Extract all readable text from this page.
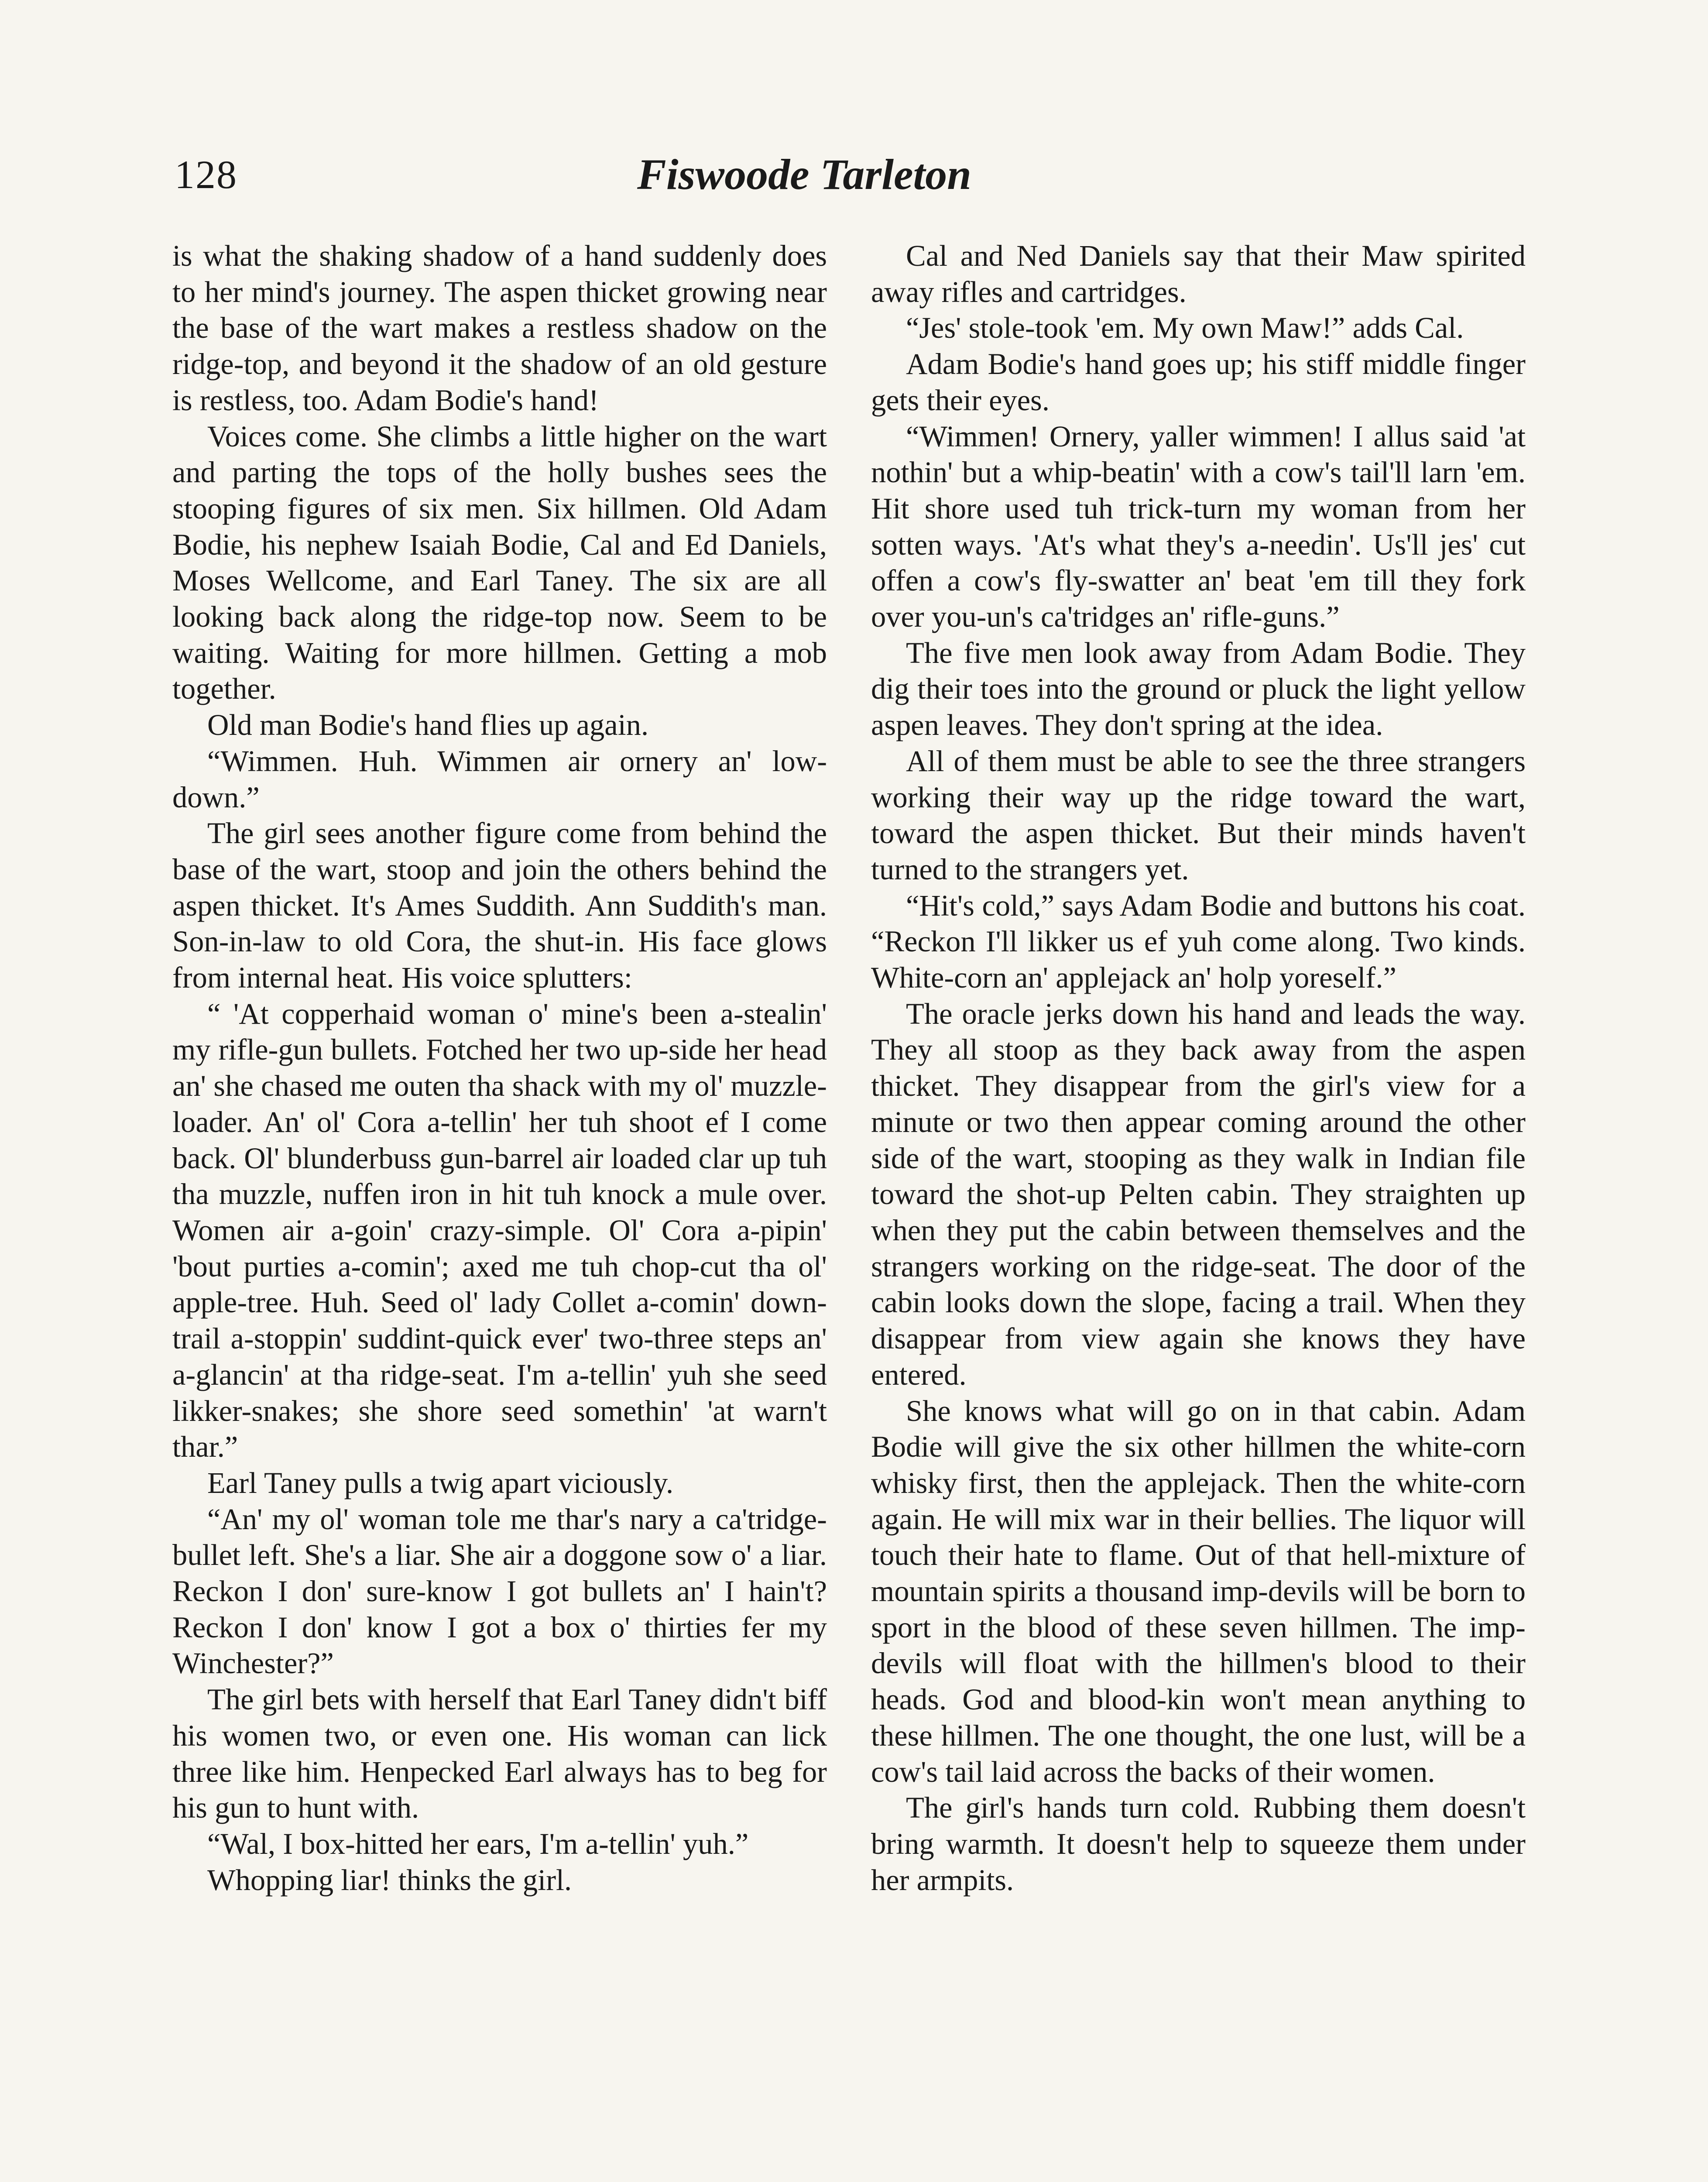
128	Fiswoode Tarleton

is what the shaking shadow of a hand suddenly does to her mind's journey. The aspen thicket growing near the base of the wart makes a restless shadow on the ridge-top, and beyond it the shadow of an old gesture is restless, too. Adam Bodie's hand!

Voices come. She climbs a little higher on the wart and parting the tops of the holly bushes sees the stooping figures of six men. Six hillmen. Old Adam Bodie, his nephew Isaiah Bodie, Cal and Ed Daniels, Moses Wellcome, and Earl Taney. The six are all looking back along the ridge-top now. Seem to be waiting. Waiting for more hillmen. Getting a mob together.

Old man Bodie's hand flies up again.

“Wimmen. Huh. Wimmen air ornery an' low-down.”

The girl sees another figure come from behind the base of the wart, stoop and join the others behind the aspen thicket. It's Ames Suddith. Ann Suddith's man. Son-in-law to old Cora, the shut-in. His face glows from internal heat. His voice splutters:

“ 'At copperhaid woman o' mine's been a-stealin' my rifle-gun bullets. Fotched her two up-side her head an' she chased me outen tha shack with my ol' muzzle-loader. An' ol' Cora a-tellin' her tuh shoot ef I come back. Ol' blunderbuss gun-barrel air loaded clar up tuh tha muzzle, nuffen iron in hit tuh knock a mule over. Women air a-goin' crazy-simple. Ol' Cora a-pipin' 'bout purties a-comin'; axed me tuh chop-cut tha ol' apple-tree. Huh. Seed ol' lady Collet a-comin' down-trail a-stoppin' suddint-quick ever' two-three steps an' a-glancin' at tha ridge-seat. I'm a-tellin' yuh she seed likker-snakes; she shore seed somethin' 'at warn't thar.”

Earl Taney pulls a twig apart viciously.

“An' my ol' woman tole me thar's nary a ca'tridge-bullet left. She's a liar. She air a doggone sow o' a liar. Reckon I don' sure-know I got bullets an' I hain't? Reckon I don' know I got a box o' thirties fer my Winchester?”

The girl bets with herself that Earl Taney didn't biff his women two, or even one. His woman can lick three like him. Henpecked Earl always has to beg for his gun to hunt with.

“Wal, I box-hitted her ears, I'm a-tellin' yuh.”

Whopping liar! thinks the girl.

Cal and Ned Daniels say that their Maw spirited away rifles and cartridges.

“Jes' stole-took 'em. My own Maw!” adds Cal.

Adam Bodie's hand goes up; his stiff middle finger gets their eyes.

“Wimmen! Ornery, yaller wimmen! I allus said 'at nothin' but a whip-beatin' with a cow's tail'll larn 'em. Hit shore used tuh trick-turn my woman from her sotten ways. 'At's what they's a-needin'. Us'll jes' cut offen a cow's fly-swatter an' beat 'em till they fork over you-un's ca'tridges an' rifle-guns.”

The five men look away from Adam Bodie. They dig their toes into the ground or pluck the light yellow aspen leaves. They don't spring at the idea.

All of them must be able to see the three strangers working their way up the ridge toward the wart, toward the aspen thicket. But their minds haven't turned to the strangers yet.

“Hit's cold,” says Adam Bodie and buttons his coat. “Reckon I'll likker us ef yuh come along. Two kinds. White-corn an' applejack an' holp yoreself.”

The oracle jerks down his hand and leads the way. They all stoop as they back away from the aspen thicket. They disappear from the girl's view for a minute or two then appear coming around the other side of the wart, stooping as they walk in Indian file toward the shot-up Pelten cabin. They straighten up when they put the cabin between themselves and the strangers working on the ridge-seat. The door of the cabin looks down the slope, facing a trail. When they disappear from view again she knows they have entered.

She knows what will go on in that cabin. Adam Bodie will give the six other hillmen the white-corn whisky first, then the applejack. Then the white-corn again. He will mix war in their bellies. The liquor will touch their hate to flame. Out of that hell-mixture of mountain spirits a thousand imp-devils will be born to sport in the blood of these seven hillmen. The imp-devils will float with the hillmen's blood to their heads. God and blood-kin won't mean anything to these hillmen. The one thought, the one lust, will be a cow's tail laid across the backs of their women.

The girl's hands turn cold. Rubbing them doesn't bring warmth. It doesn't help to squeeze them under her armpits.
